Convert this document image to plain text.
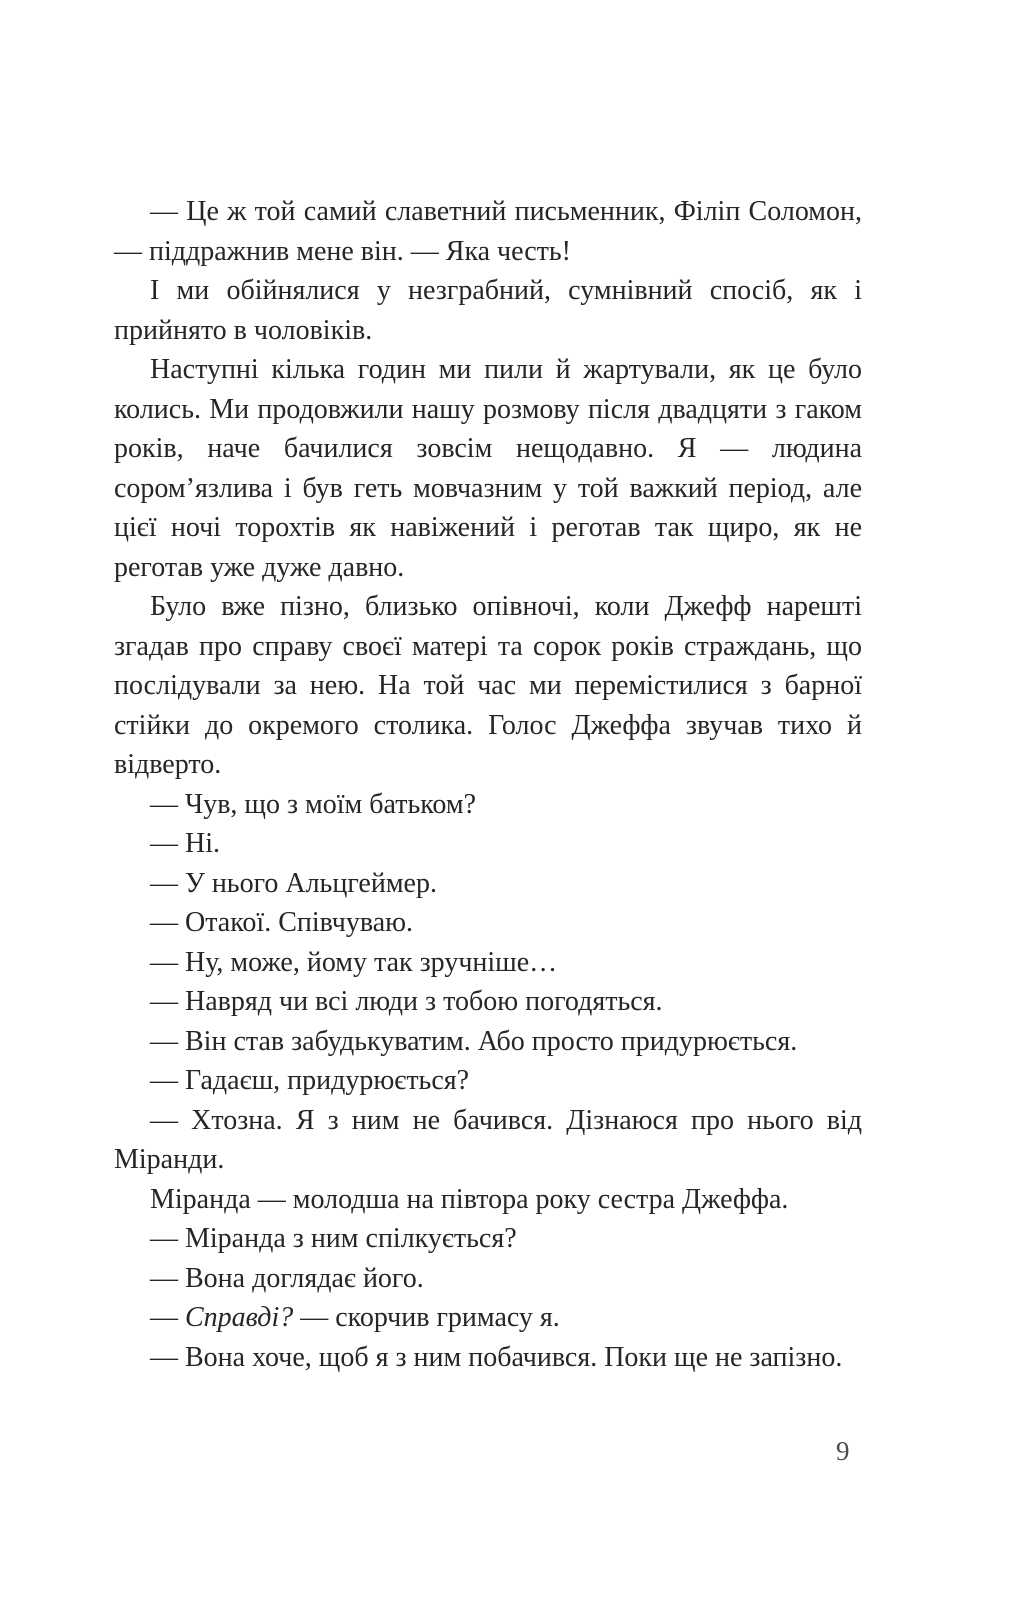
— Це ж той самий славетний письменник, Філіп Соломон, — піддражнив мене він. — Яка честь!

І ми обійнялися у незграбний, сумнівний спосіб, як і прийнято в чоловіків.

Наступні кілька годин ми пили й жартували, як це було колись. Ми продовжили нашу розмову після двадцяти з гаком років, наче бачилися зовсім нещодавно. Я — людина сором’язлива і був геть мовчазним у той важкий період, але цієї ночі торохтів як навіжений і реготав так щиро, як не реготав уже дуже давно.

Було вже пізно, близько опівночі, коли Джефф нарешті згадав про справу своєї матері та сорок років страждань, що послідували за нею. На той час ми перемістилися з барної стійки до окремого столика. Голос Джеффа звучав тихо й відверто.

— Чув, що з моїм батьком?

— Ні.

— У нього Альцгеймер.

— Отакої. Співчуваю.

— Ну, може, йому так зручніше…

— Навряд чи всі люди з тобою погодяться.

— Він став забудькуватим. Або просто придурюється.

— Гадаєш, придурюється?

— Хтозна. Я з ним не бачився. Дізнаюся про нього від Міранди.

Міранда — молодша на півтора року сестра Джеффа.

— Міранда з ним спілкується?

— Вона доглядає його.

— Справді? — скорчив гримасу я.

— Вона хоче, щоб я з ним побачився. Поки ще не запізно.

9
